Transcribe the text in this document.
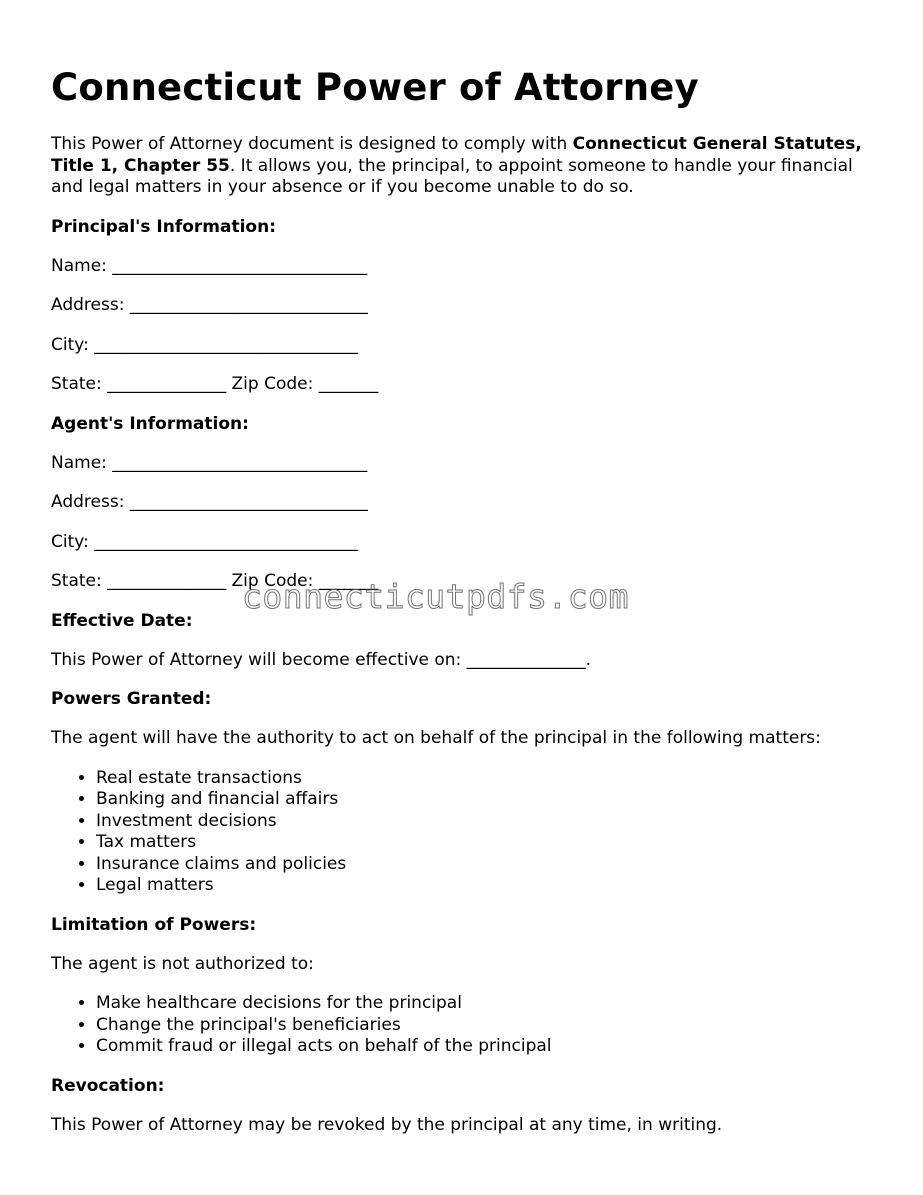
Connecticut Power of Attorney

This Power of Attorney document is designed to comply with Connecticut General Statutes, Title 1, Chapter 55. It allows you, the principal, to appoint someone to handle your financial and legal matters in your absence or if you become unable to do so.

Principal's Information:
Name: ______________________________
Address: ____________________________
City: _______________________________
State: ______________ Zip Code: _______
Agent's Information:
Name: ______________________________
Address: ____________________________
City: _______________________________
State: ______________ Zip Code: _______
Effective Date:
This Power of Attorney will become effective on: ______________.
Powers Granted:
The agent will have the authority to act on behalf of the principal in the following matters:
• Real estate transactions
• Banking and financial affairs
• Investment decisions
• Tax matters
• Insurance claims and policies
• Legal matters
Limitation of Powers:
The agent is not authorized to:
• Make healthcare decisions for the principal
• Change the principal's beneficiaries
• Commit fraud or illegal acts on behalf of the principal
Revocation:
This Power of Attorney may be revoked by the principal at any time, in writing.
connecticutpdfs.com
